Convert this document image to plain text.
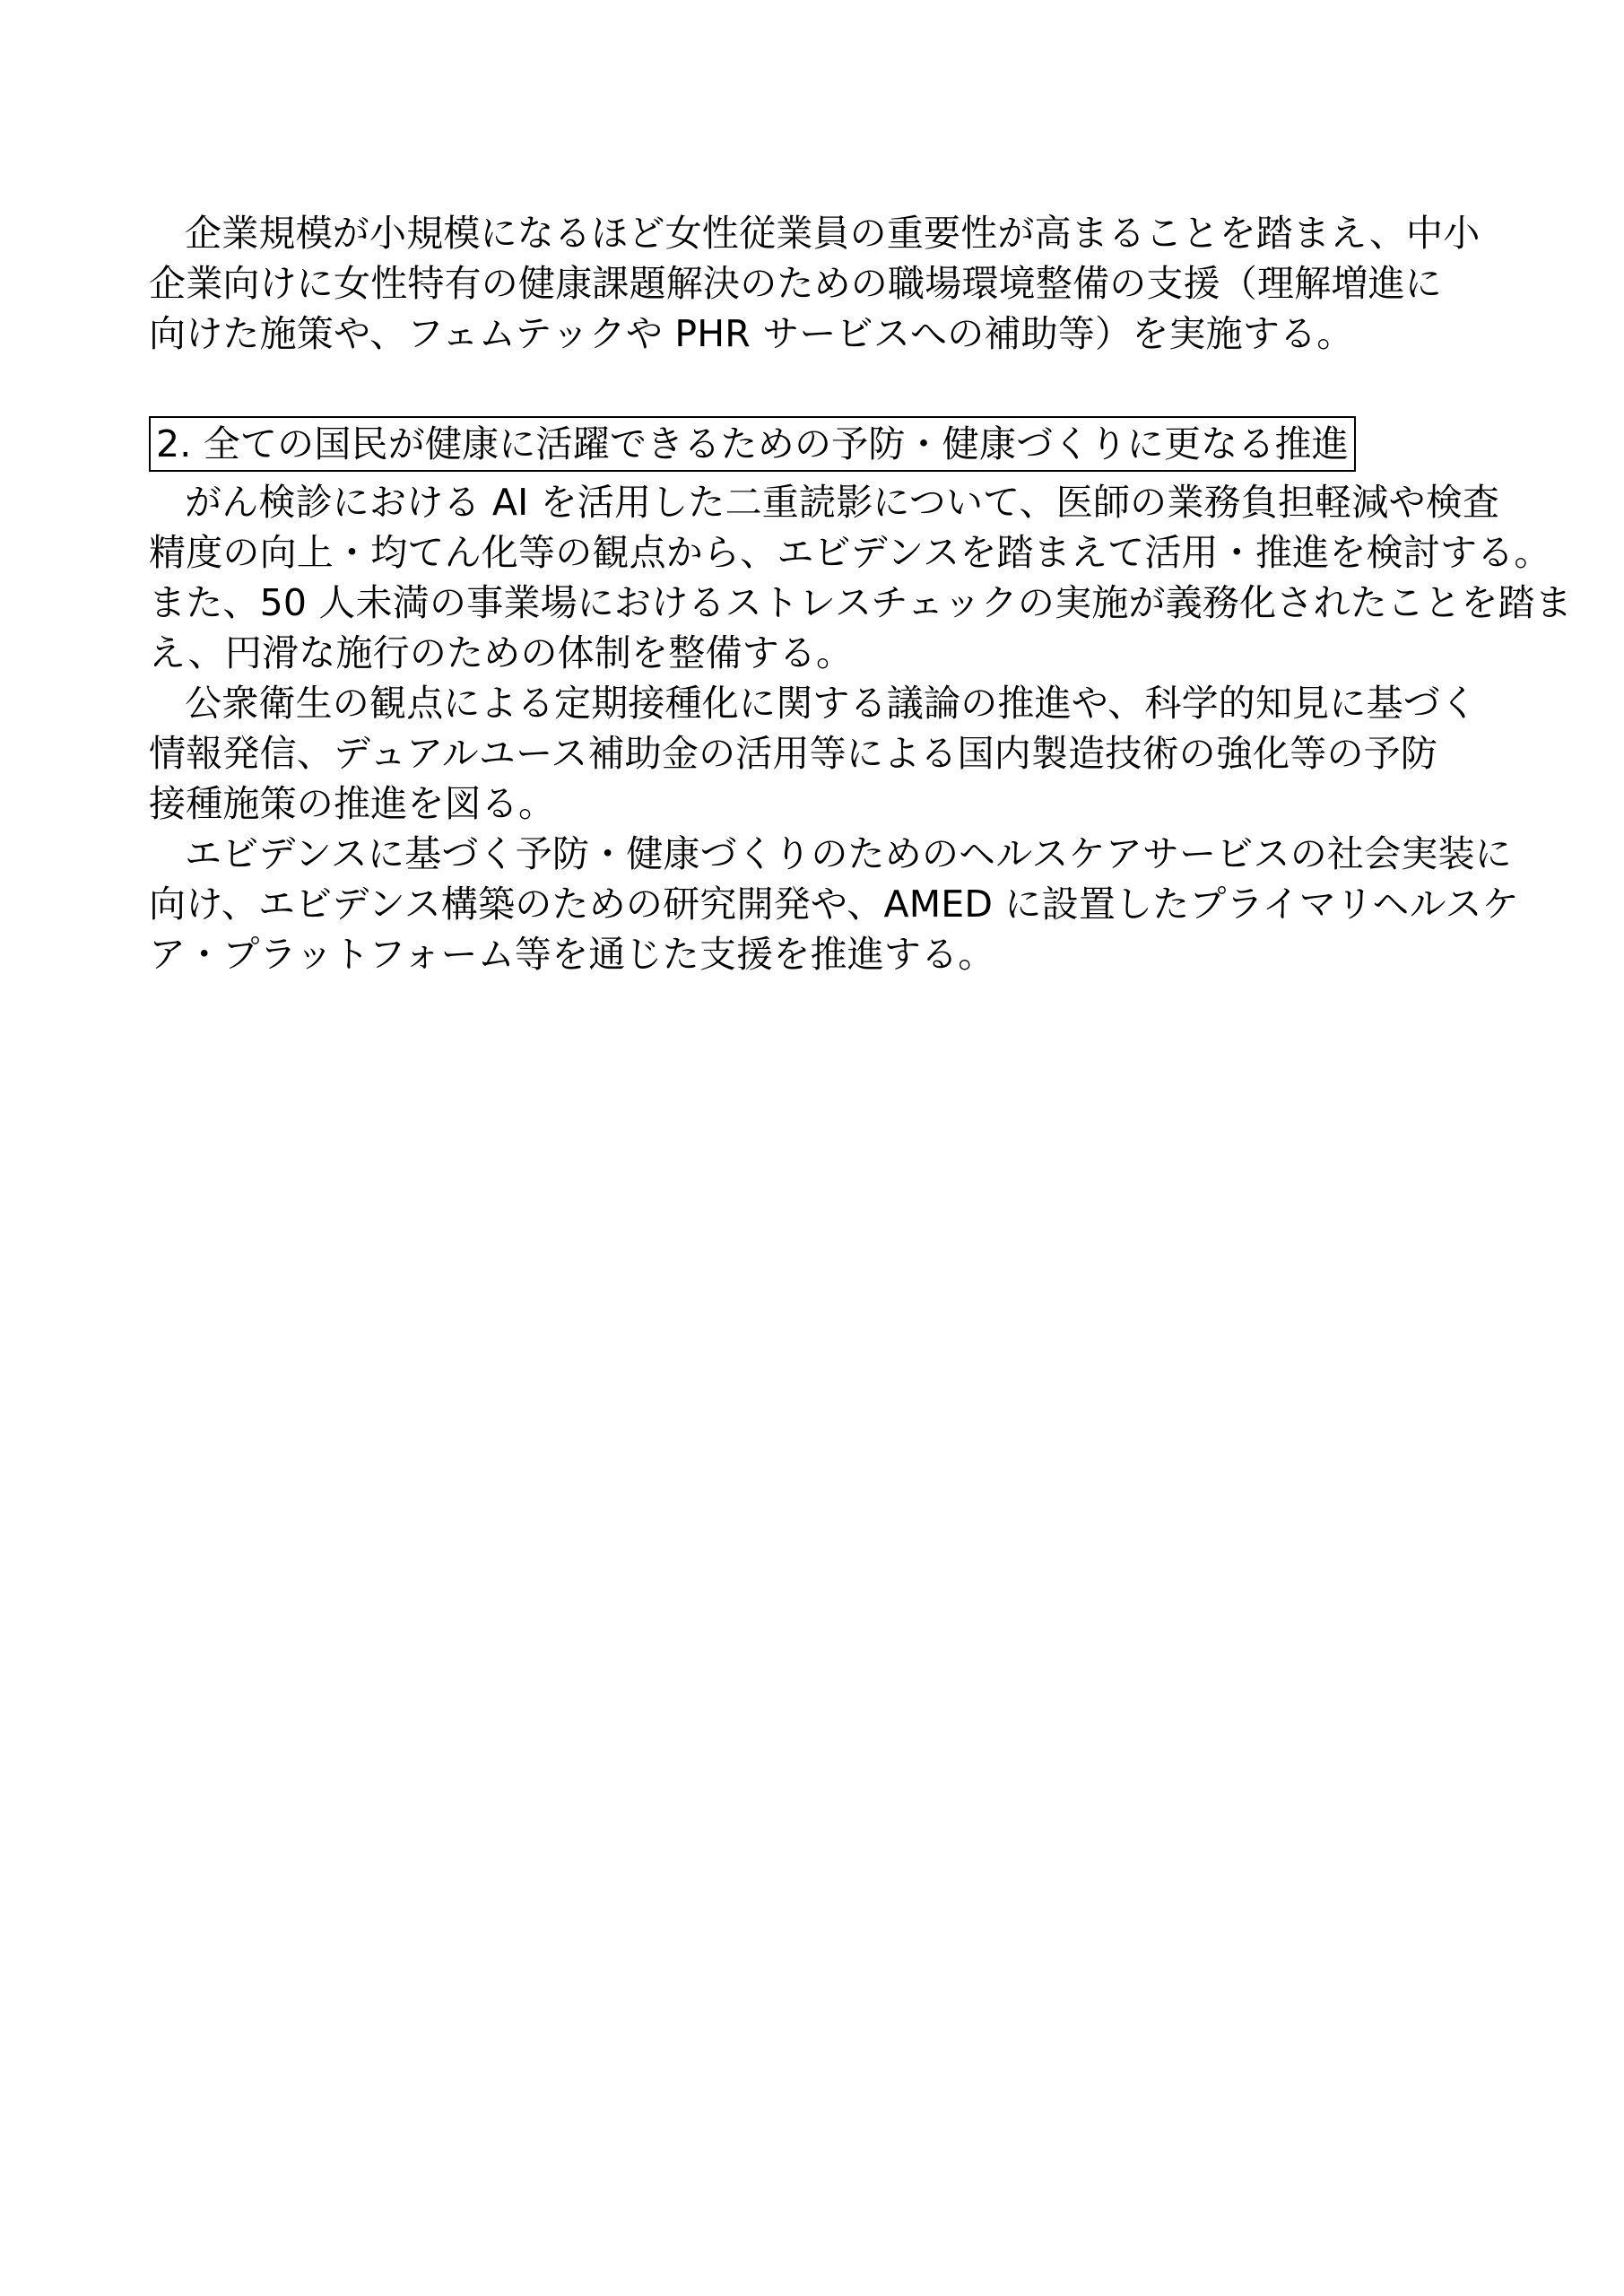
企業規模が小規模になるほど女性従業員の重要性が高まることを踏まえ、中小
企業向けに女性特有の健康課題解決のための職場環境整備の支援（理解増進に
向けた施策や、フェムテックや PHR サービスへの補助等）を実施する。
2. 全ての国民が健康に活躍できるための予防・健康づくりに更なる推進
がん検診における AI を活用した二重読影について、医師の業務負担軽減や検査
精度の向上・均てん化等の観点から、エビデンスを踏まえて活用・推進を検討する。
また、50 人未満の事業場におけるストレスチェックの実施が義務化されたことを踏ま
え、円滑な施行のための体制を整備する。
公衆衛生の観点による定期接種化に関する議論の推進や、科学的知見に基づく
情報発信、デュアルユース補助金の活用等による国内製造技術の強化等の予防
接種施策の推進を図る。
エビデンスに基づく予防・健康づくりのためのヘルスケアサービスの社会実装に
向け、エビデンス構築のための研究開発や、AMED に設置したプライマリヘルスケ
ア・プラットフォーム等を通じた支援を推進する。
